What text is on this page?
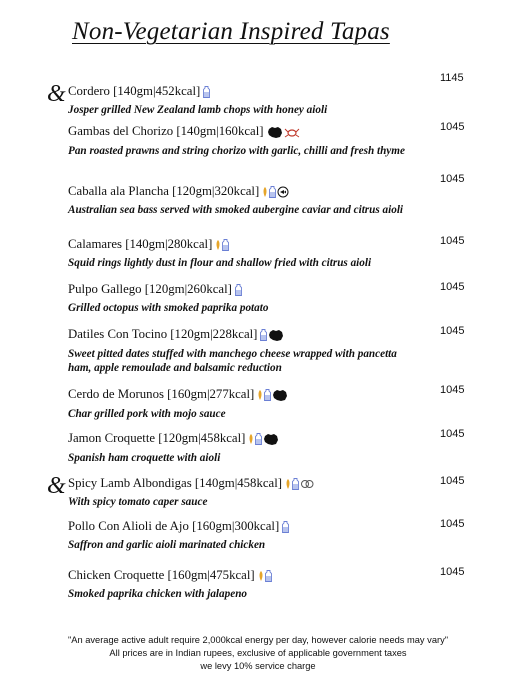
Non-Vegetarian Inspired Tapas
& Cordero [140gm|452kcal]
Josper grilled New Zealand lamb chops with honey aioli
1145
Gambas del Chorizo [140gm|160kcal]
Pan roasted prawns and string chorizo with garlic, chilli and fresh thyme
1045
Caballa ala Plancha [120gm|320kcal]
Australian sea bass served with smoked aubergine caviar and citrus aioli
1045
Calamares [140gm|280kcal]
Squid rings lightly dust in flour and shallow fried with citrus aioli
1045
Pulpo Gallego [120gm|260kcal]
Grilled octopus with smoked paprika potato
1045
Datiles Con Tocino [120gm|228kcal]
Sweet pitted dates stuffed with manchego cheese wrapped with pancetta ham, apple remoulade and balsamic reduction
1045
Cerdo de Morunos [160gm|277kcal]
Char grilled pork with mojo sauce
1045
Jamon Croquette [120gm|458kcal]
Spanish ham croquette with aioli
1045
& Spicy Lamb Albondigas [140gm|458kcal]
With spicy tomato caper sauce
1045
Pollo Con Alioli de Ajo [160gm|300kcal]
Saffron and garlic aioli marinated chicken
1045
Chicken Croquette [160gm|475kcal]
Smoked paprika chicken with jalapeno
1045
"An average active adult require 2,000kcal energy per day, however calorie needs may vary"
All prices are in Indian rupees, exclusive of applicable government taxes
we levy 10% service charge
